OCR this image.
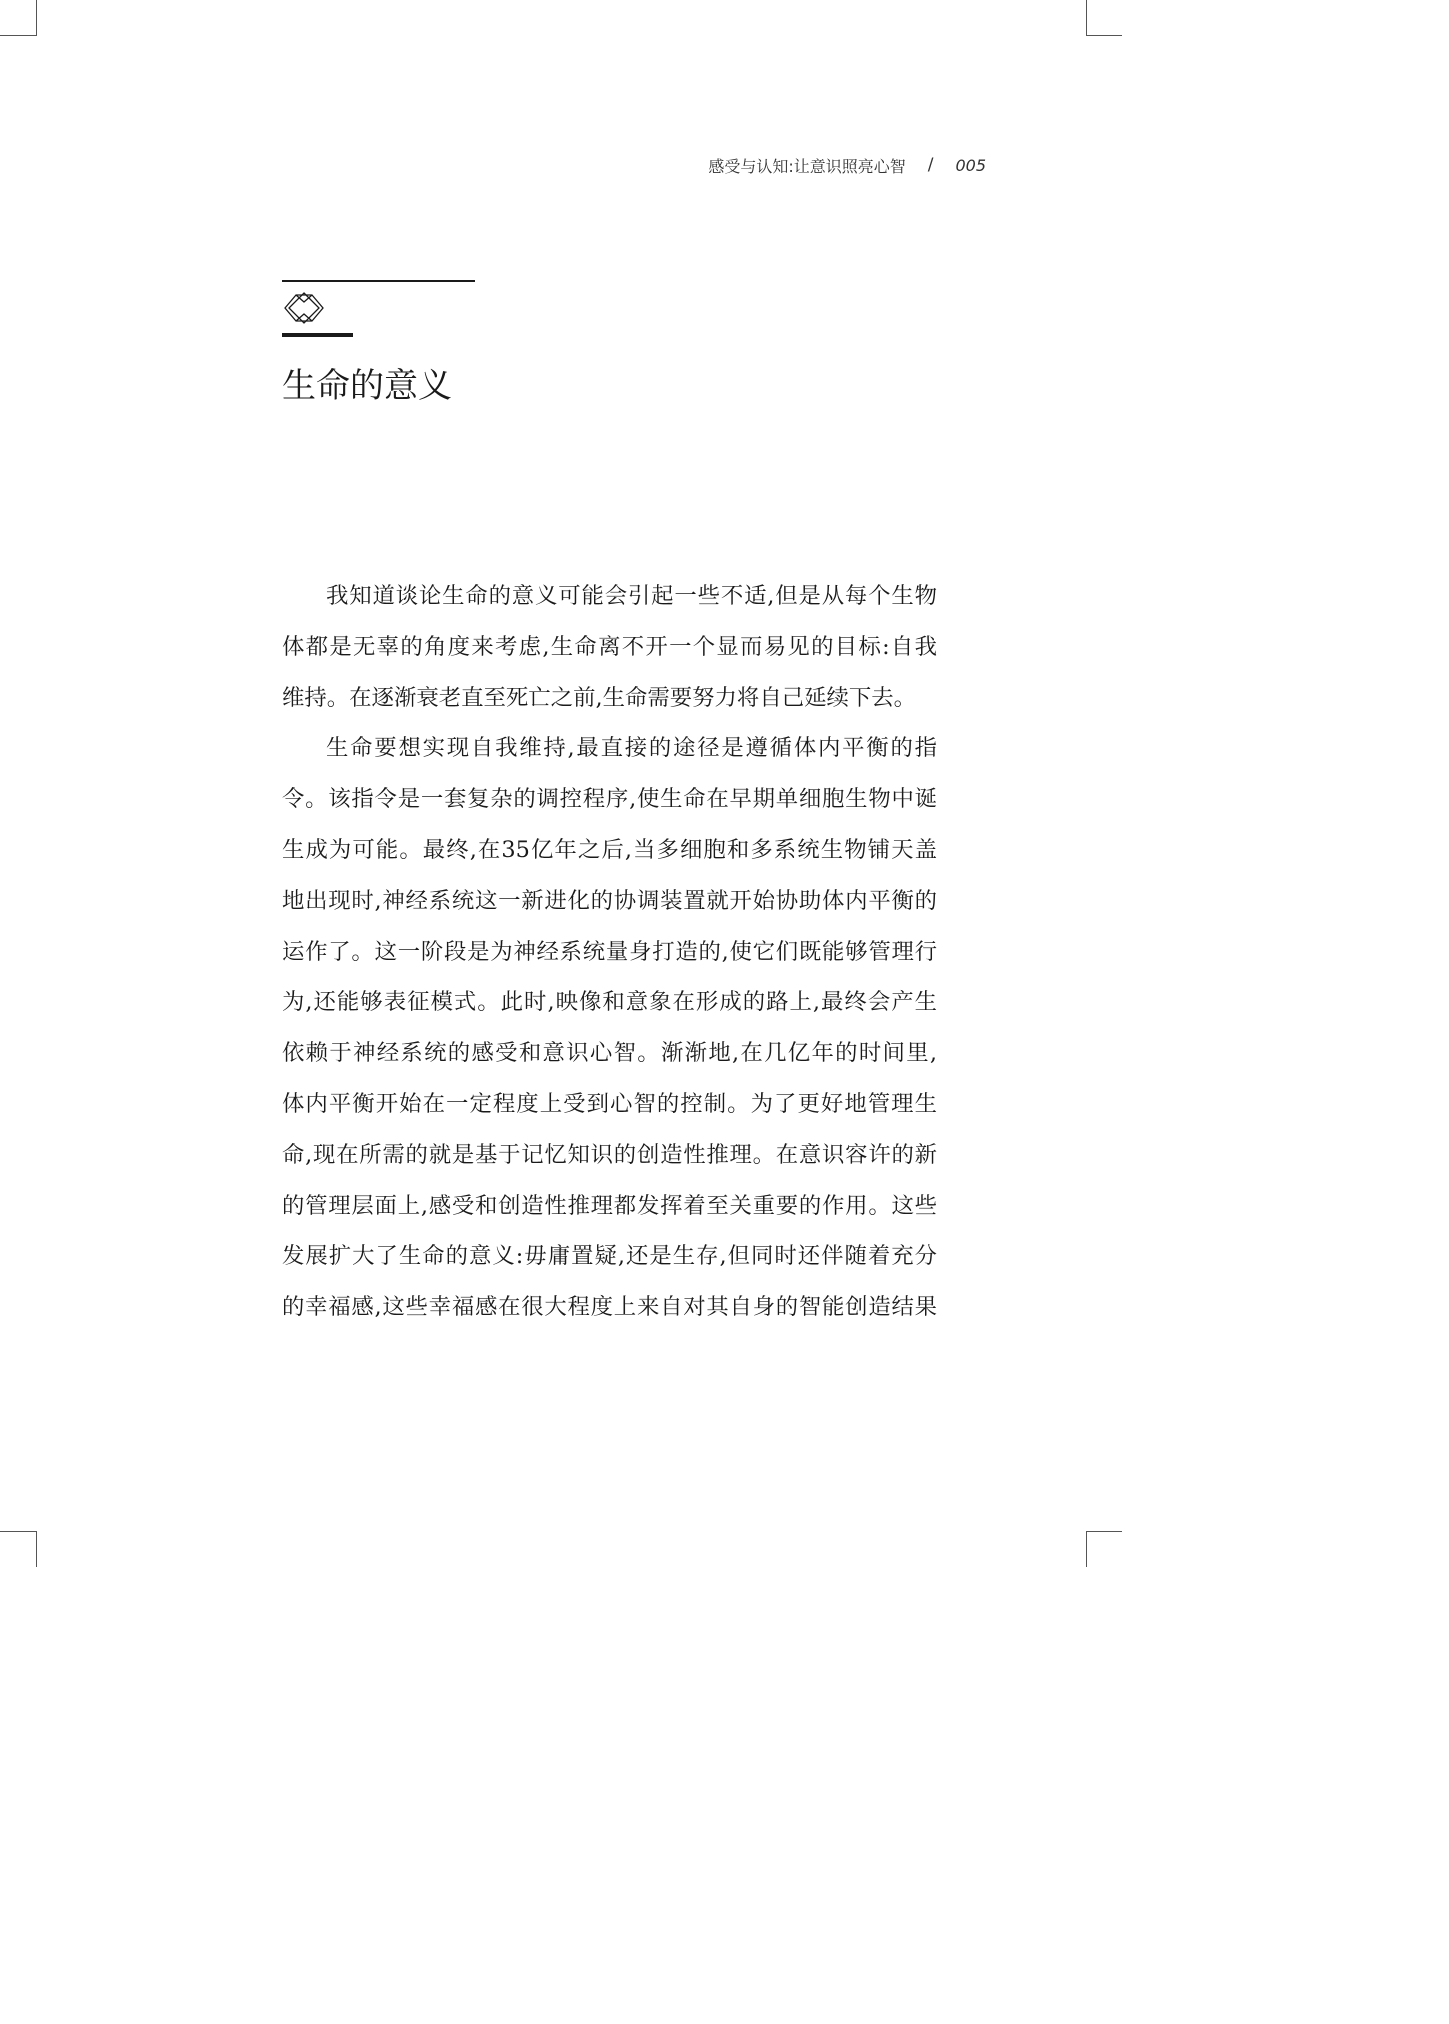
感受与认知:让意识照亮心智 / 005
生命的意义
我知道谈论生命的意义可能会引起一些不适,但是从每个生物
体都是无辜的角度来考虑,生命离不开一个显而易见的目标:自我
维持。在逐渐衰老直至死亡之前,生命需要努力将自己延续下去。
生命要想实现自我维持,最直接的途径是遵循体内平衡的指
令。该指令是一套复杂的调控程序,使生命在早期单细胞生物中诞
生成为可能。最终,在35亿年之后,当多细胞和多系统生物铺天盖
地出现时,神经系统这一新进化的协调装置就开始协助体内平衡的
运作了。这一阶段是为神经系统量身打造的,使它们既能够管理行
为,还能够表征模式。此时,映像和意象在形成的路上,最终会产生
依赖于神经系统的感受和意识心智。渐渐地,在几亿年的时间里,
体内平衡开始在一定程度上受到心智的控制。为了更好地管理生
命,现在所需的就是基于记忆知识的创造性推理。在意识容许的新
的管理层面上,感受和创造性推理都发挥着至关重要的作用。这些
发展扩大了生命的意义:毋庸置疑,还是生存,但同时还伴随着充分
的幸福感,这些幸福感在很大程度上来自对其自身的智能创造结果
